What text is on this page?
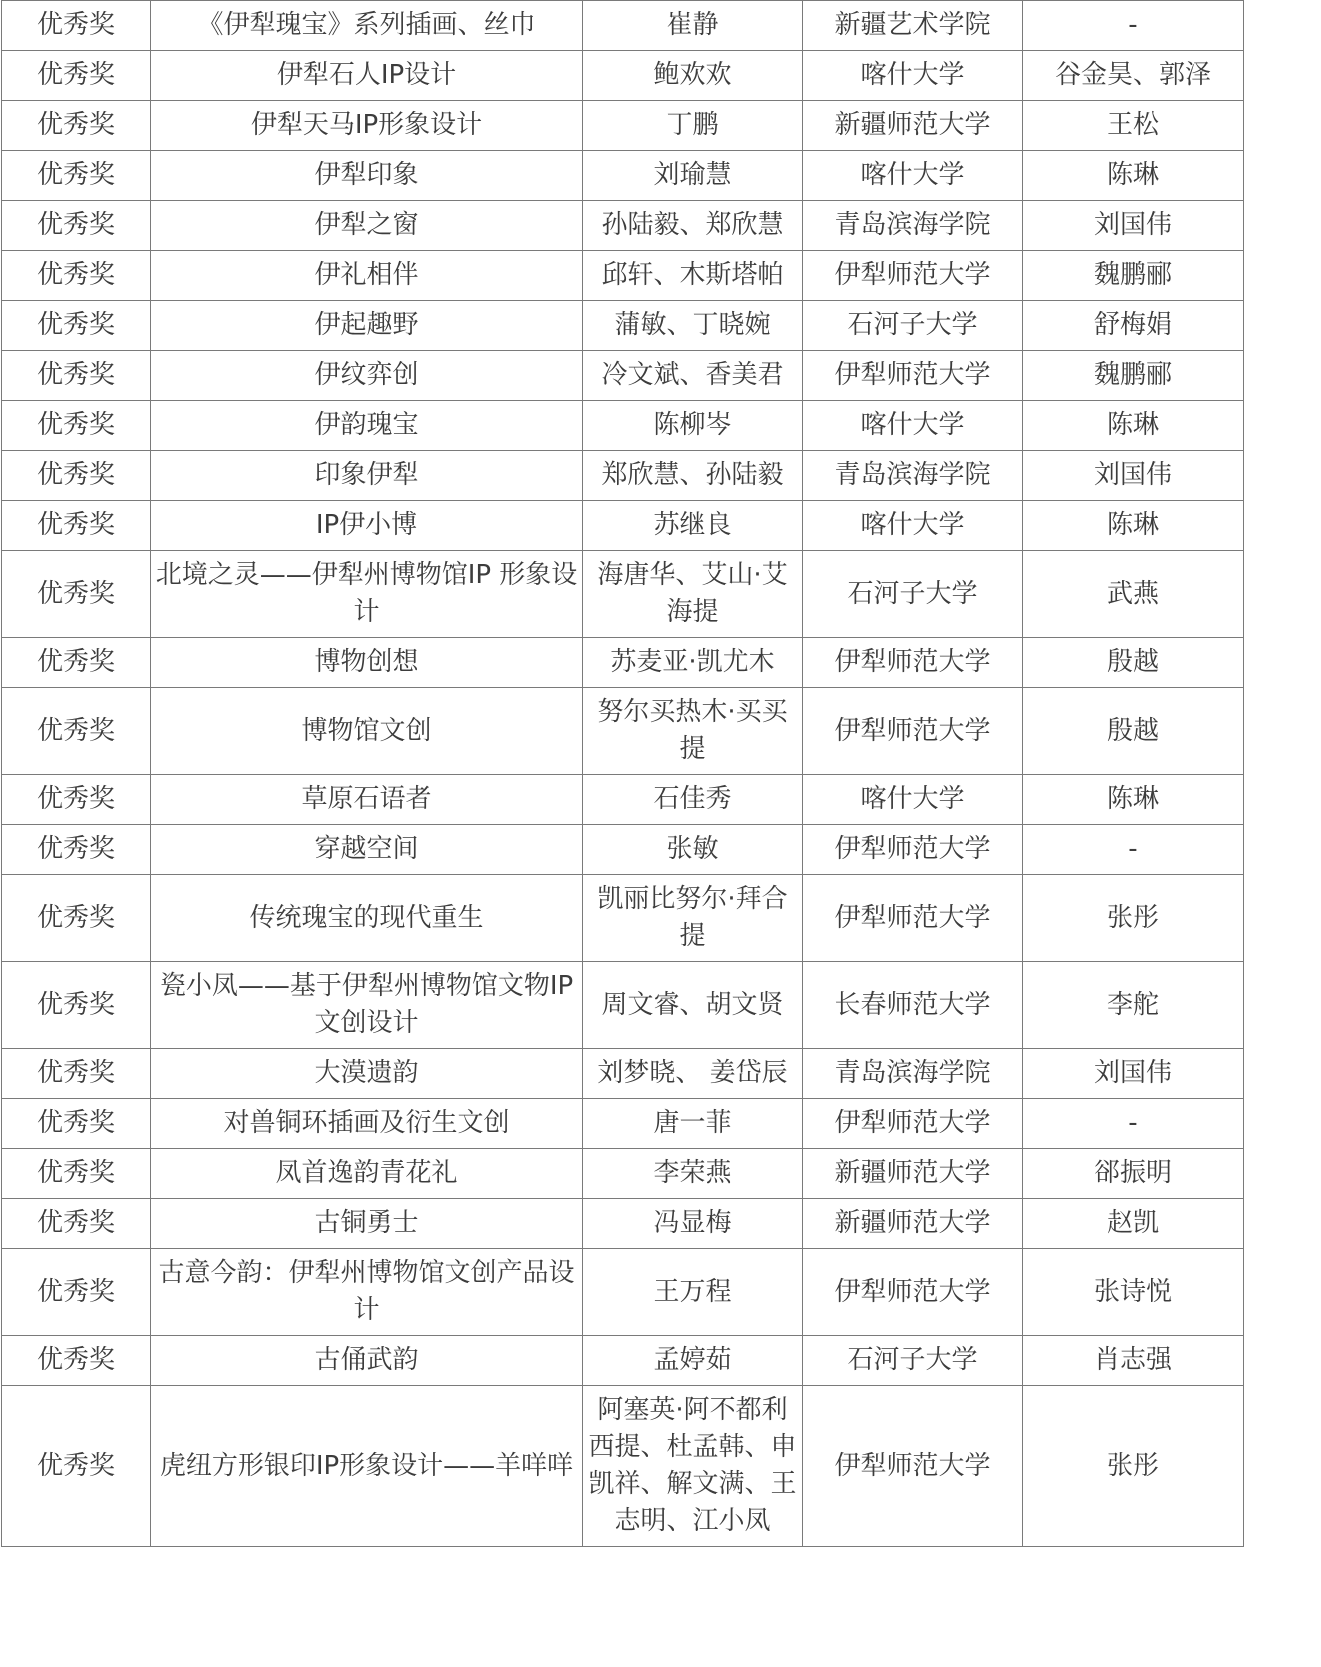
优秀奖	《伊犁瑰宝》系列插画、丝巾	崔静	新疆艺术学院	-
优秀奖	伊犁石人IP设计	鲍欢欢	喀什大学	谷金昊、郭泽
优秀奖	伊犁天马IP形象设计	丁鹏	新疆师范大学	王松
优秀奖	伊犁印象	刘瑜慧	喀什大学	陈琳
优秀奖	伊犁之窗	孙陆毅、郑欣慧	青岛滨海学院	刘国伟
优秀奖	伊礼相伴	邱轩、木斯塔帕	伊犁师范大学	魏鹏郦
优秀奖	伊起趣野	蒲敏、丁晓婉	石河子大学	舒梅娟
优秀奖	伊纹弈创	冷文斌、香美君	伊犁师范大学	魏鹏郦
优秀奖	伊韵瑰宝	陈柳岑	喀什大学	陈琳
优秀奖	印象伊犁	郑欣慧、孙陆毅	青岛滨海学院	刘国伟
优秀奖	IP伊小博	苏继良	喀什大学	陈琳
优秀奖	北境之灵——伊犁州博物馆IP 形象设计	海唐华、艾山·艾海提	石河子大学	武燕
优秀奖	博物创想	苏麦亚·凯尤木	伊犁师范大学	殷越
优秀奖	博物馆文创	努尔买热木·买买提	伊犁师范大学	殷越
优秀奖	草原石语者	石佳秀	喀什大学	陈琳
优秀奖	穿越空间	张敏	伊犁师范大学	-
优秀奖	传统瑰宝的现代重生	凯丽比努尔·拜合提	伊犁师范大学	张彤
优秀奖	瓷小凤——基于伊犁州博物馆文物IP文创设计	周文睿、胡文贤	长春师范大学	李舵
优秀奖	大漠遗韵	刘梦晓、 姜岱辰	青岛滨海学院	刘国伟
优秀奖	对兽铜环插画及衍生文创	唐一菲	伊犁师范大学	-
优秀奖	凤首逸韵青花礼	李荣燕	新疆师范大学	郤振明
优秀奖	古铜勇士	冯显梅	新疆师范大学	赵凯
优秀奖	古意今韵：伊犁州博物馆文创产品设计	王万程	伊犁师范大学	张诗悦
优秀奖	古俑武韵	孟婷茹	石河子大学	肖志强
优秀奖	虎纽方形银印IP形象设计——羊咩咩	阿塞英·阿不都利西提、杜孟韩、申凯祥、解文满、王志明、江小凤	伊犁师范大学	张彤
